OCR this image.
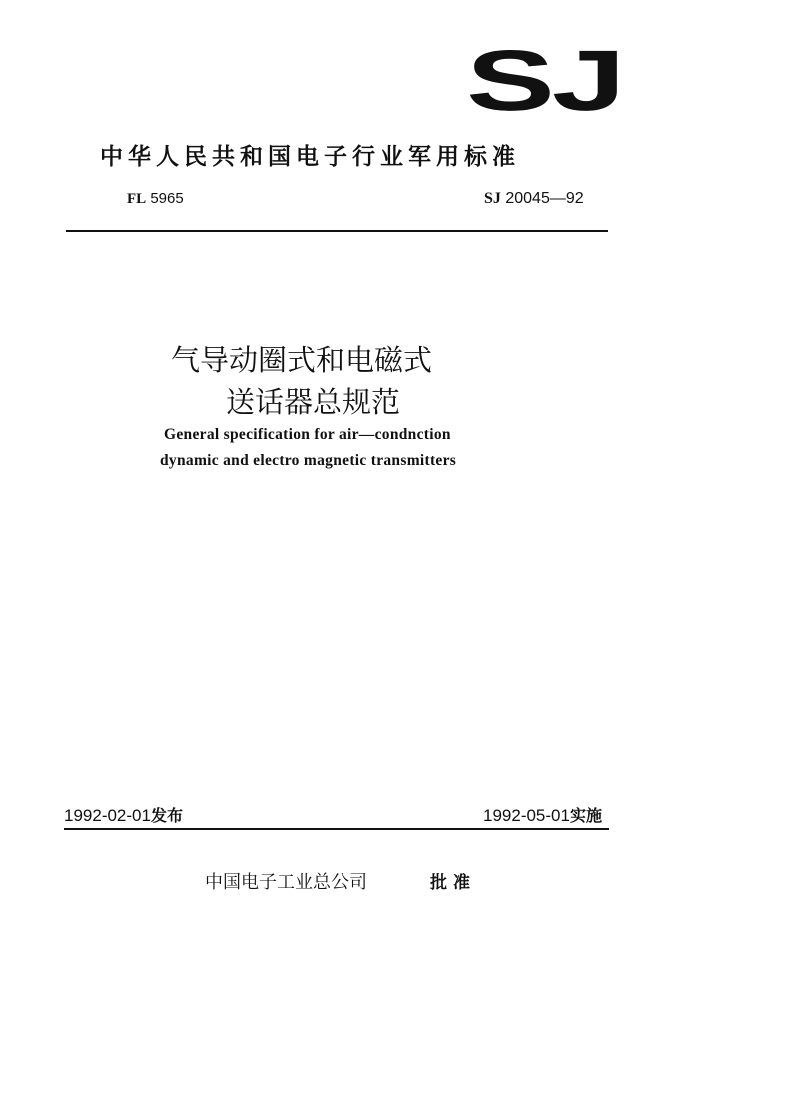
SJ
中华人民共和国电子行业军用标准
FL 5965	SJ 20045—92
气导动圈式和电磁式
送话器总规范
General specification for air—condnction
dynamic and electro magnetic transmitters
1992-02-01发布	1992-05-01实施
中国电子工业总公司	批准
